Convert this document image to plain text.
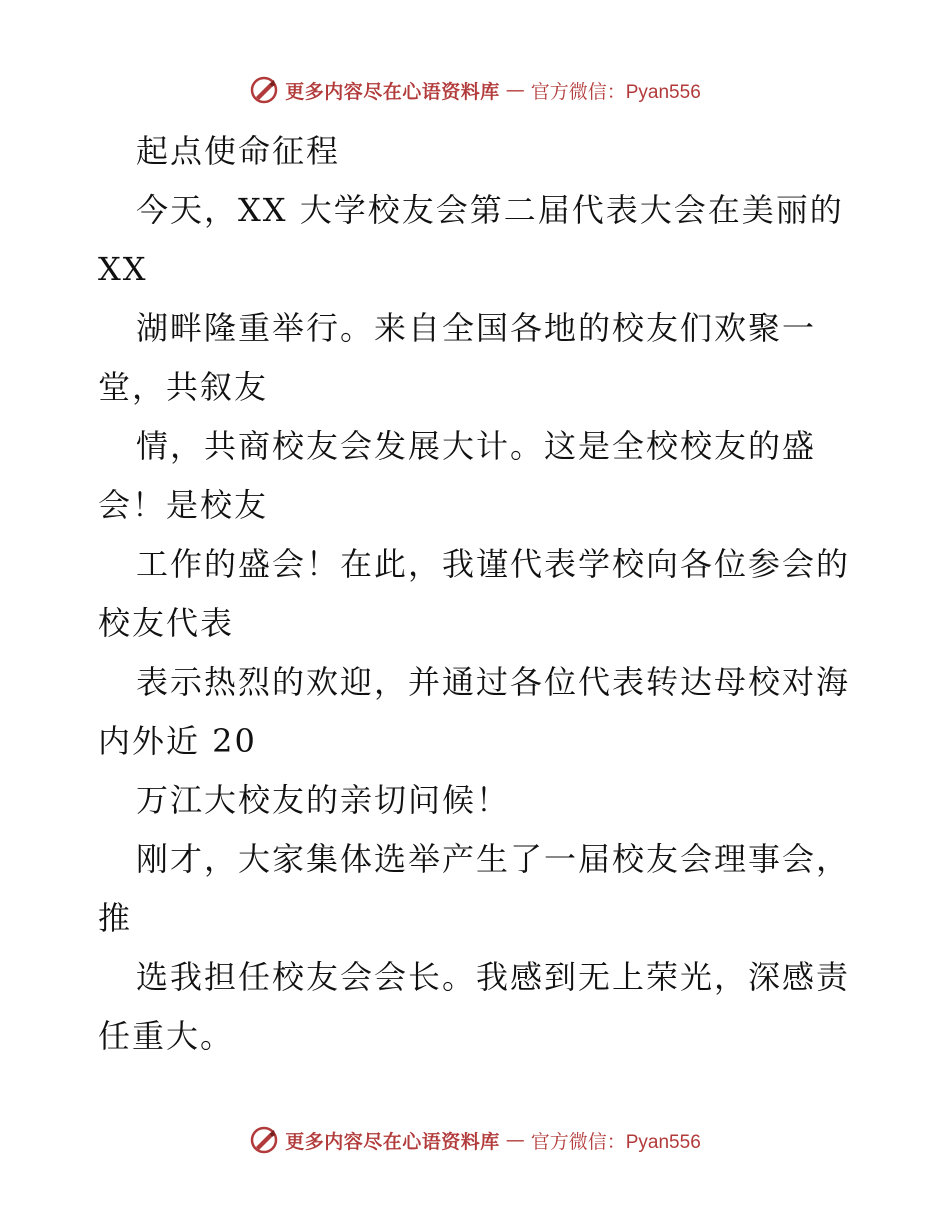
更多内容尽在心语资料库 — 官方微信：Pyan556
起点使命征程
今天，XX 大学校友会第二届代表大会在美丽的
XX
湖畔隆重举行。来自全国各地的校友们欢聚一
堂，共叙友
情，共商校友会发展大计。这是全校校友的盛
会！是校友
工作的盛会！在此，我谨代表学校向各位参会的
校友代表
表示热烈的欢迎，并通过各位代表转达母校对海
内外近 20
万江大校友的亲切问候！
刚才，大家集体选举产生了一届校友会理事会，
推
选我担任校友会会长。我感到无上荣光，深感责
任重大。
更多内容尽在心语资料库 — 官方微信：Pyan556
